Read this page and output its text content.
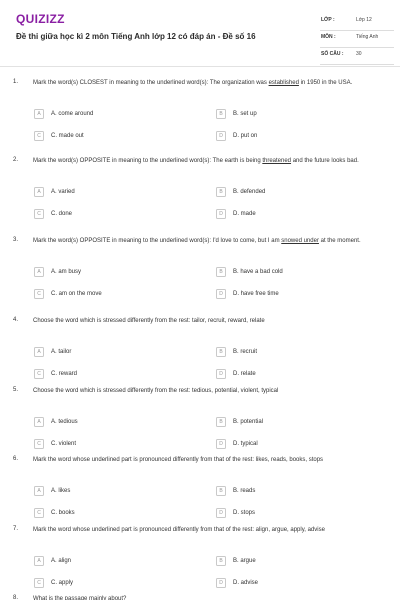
QUIZIZZ
Đề thi giữa học kì 2 môn Tiếng Anh lớp 12 có đáp án - Đề số 16
LỚP :	Lớp 12
MÔN :	Tiếng Anh
SỐ CÂU :	30
1. Mark the word(s) CLOSEST in meaning to the underlined word(s): The organization was established in 1950 in the USA.
A	A. come around	B	B. set up
C	C. made out	D	D. put on
2. Mark the word(s) OPPOSITE in meaning to the underlined word(s): The earth is being threatened and the future looks bad.
A	A. varied	B	B. defended
C	C. done	D	D. made
3. Mark the word(s) OPPOSITE in meaning to the underlined word(s): I'd love to come, but I am snowed under at the moment.
A	A. am busy	B	B. have a bad cold
C	C. am on the move	D	D. have free time
4. Choose the word which is stressed differently from the rest: tailor, recruit, reward, relate
A	A. tailor	B	B. recruit
C	C. reward	D	D. relate
5. Choose the word which is stressed differently from the rest: tedious, potential, violent, typical
A	A. tedious	B	B. potential
C	C. violent	D	D. typical
6. Mark the word whose underlined part is pronounced differently from that of the rest: likes, reads, books, stops
A	A. likes	B	B. reads
C	C. books	D	D. stops
7. Mark the word whose underlined part is pronounced differently from that of the rest: align, argue, apply, advise
A	A. align	B	B. argue
C	C. apply	D	D. advise
8. What is the passage mainly about?
